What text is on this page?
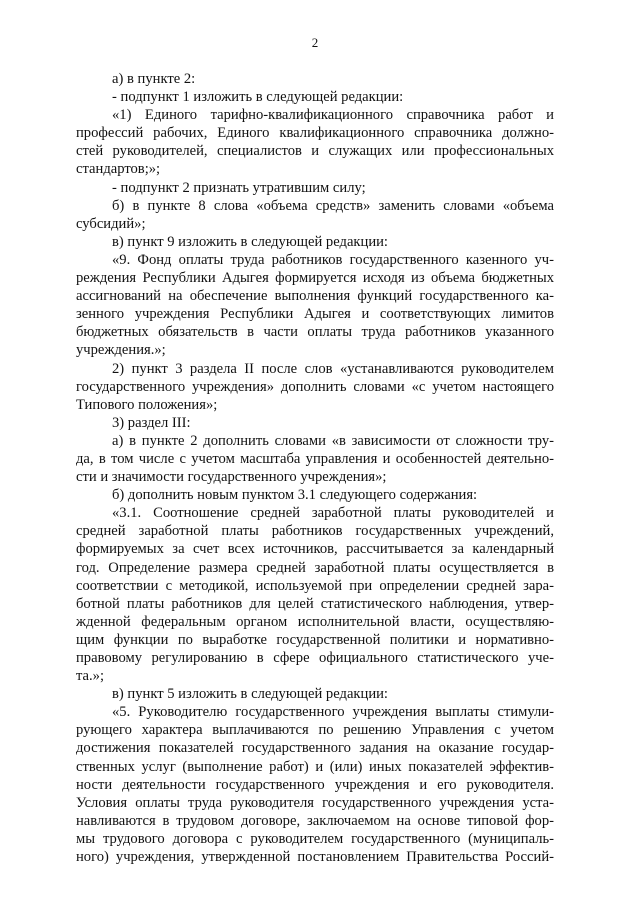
2
а) в пункте 2:
- подпункт 1 изложить в следующей редакции:
«1) Единого тарифно-квалификационного справочника работ и
профессий рабочих, Единого квалификационного справочника должно-
стей руководителей, специалистов и служащих или профессиональных
стандартов;»;
- подпункт 2 признать утратившим силу;
б) в пункте 8 слова «объема средств» заменить словами «объема
субсидий»;
в) пункт 9 изложить в следующей редакции:
«9. Фонд оплаты труда работников государственного казенного уч-
реждения Республики Адыгея формируется исходя из объема бюджетных
ассигнований на обеспечение выполнения функций государственного ка-
зенного учреждения Республики Адыгея и соответствующих лимитов
бюджетных обязательств в части оплаты труда работников указанного
учреждения.»;
2) пункт 3 раздела II после слов «устанавливаются руководителем
государственного учреждения» дополнить словами «с учетом настоящего
Типового положения»;
3) раздел III:
а) в пункте 2 дополнить словами «в зависимости от сложности тру-
да, в том числе с учетом масштаба управления и особенностей деятельно-
сти и значимости государственного учреждения»;
б) дополнить новым пунктом 3.1 следующего содержания:
«3.1. Соотношение средней заработной платы руководителей и
средней заработной платы работников государственных учреждений,
формируемых за счет всех источников, рассчитывается за календарный
год. Определение размера средней заработной платы осуществляется в
соответствии с методикой, используемой при определении средней зара-
ботной платы работников для целей статистического наблюдения, утвер-
жденной федеральным органом исполнительной власти, осуществляю-
щим функции по выработке государственной политики и нормативно-
правовому регулированию в сфере официального статистического уче-
та.»;
в) пункт 5 изложить в следующей редакции:
«5. Руководителю государственного учреждения выплаты стимули-
рующего характера выплачиваются по решению Управления с учетом
достижения показателей государственного задания на оказание государ-
ственных услуг (выполнение работ) и (или) иных показателей эффектив-
ности деятельности государственного учреждения и его руководителя.
Условия оплаты труда руководителя государственного учреждения уста-
навливаются в трудовом договоре, заключаемом на основе типовой фор-
мы трудового договора с руководителем государственного (муниципаль-
ного) учреждения, утвержденной постановлением Правительства Россий-
